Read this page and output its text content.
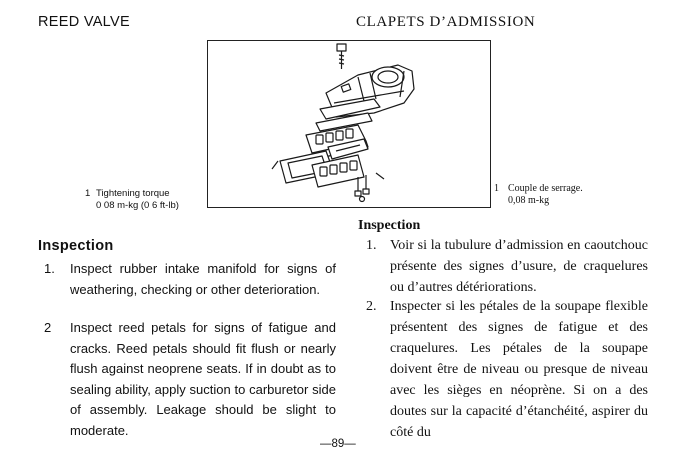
REED VALVE	CLAPETS D’ADMISSION
1 Tightening torque
0 08 m-kg (0 6 ft-lb)
1 Couple de serrage.
0,08 m-kg
Inspection
1. Inspect rubber intake manifold for signs of weathering, checking or other deterioration.
2 Inspect reed petals for signs of fatigue and cracks. Reed petals should fit flush or nearly flush against neoprene seats. If in doubt as to sealing ability, apply suction to carburetor side of assembly. Leakage should be slight to moderate.
Inspection
1. Voir si la tubulure d’admission en caoutchouc présente des signes d’usure, de craquelures ou d’autres détériorations.
2. Inspecter si les pétales de la soupape flexible présentent des signes de fatigue et des craquelures. Les pétales de la soupape doivent être de niveau ou presque de niveau avec les sièges en néoprène. Si on a des doutes sur la capacité d’étanchéité, aspirer du côté du
—89—
